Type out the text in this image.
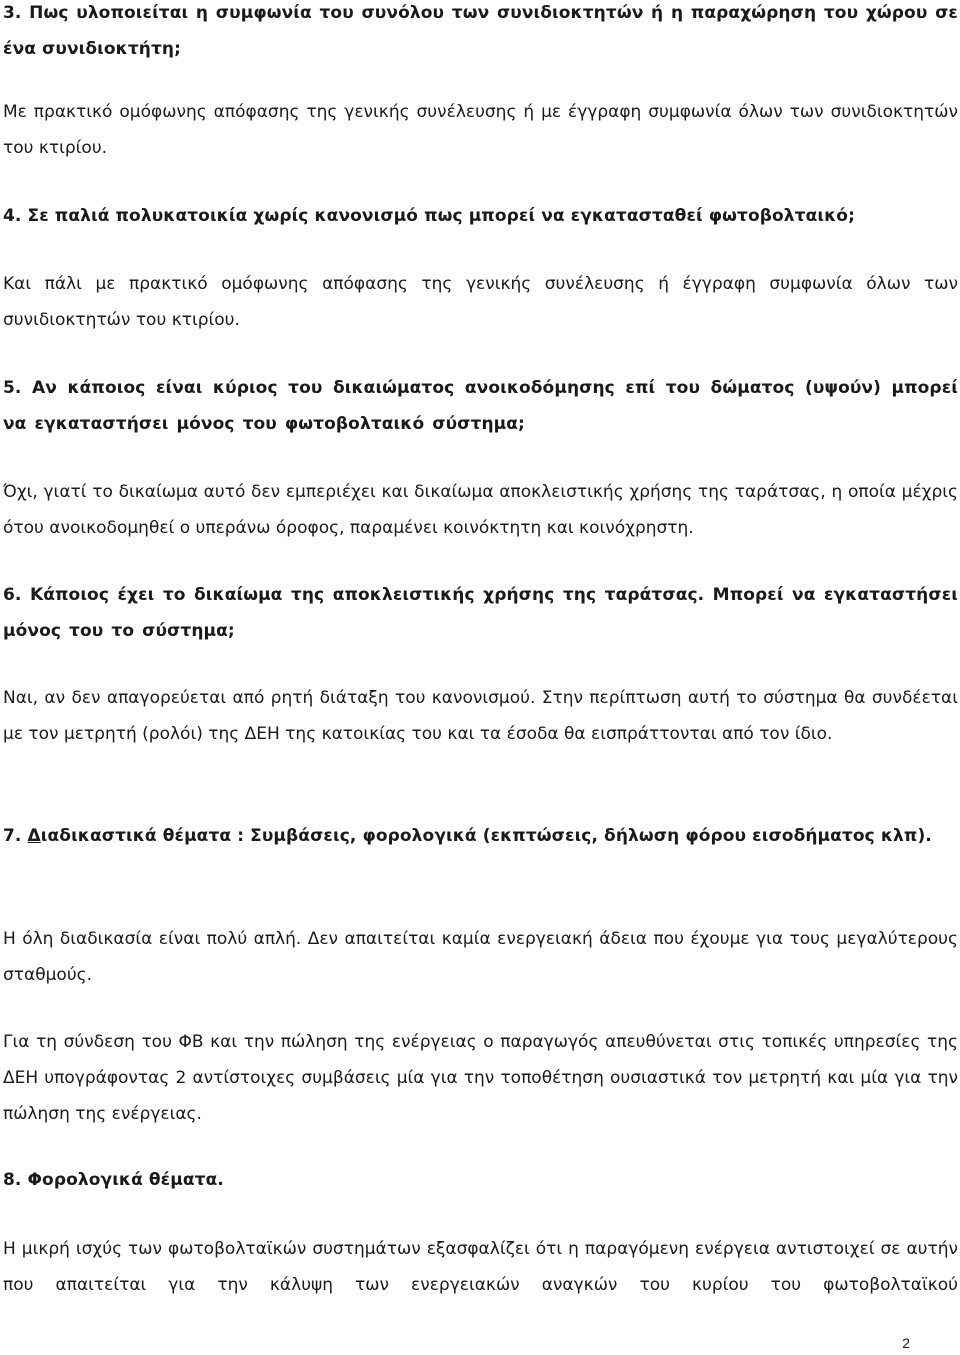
3. Πως υλοποιείται η συμφωνία του συνόλου των συνιδιοκτητών ή η παραχώρηση του χώρου σε ένα συνιδιοκτήτη;

Με πρακτικό ομόφωνης απόφασης της γενικής συνέλευσης ή με έγγραφη συμφωνία όλων των συνιδιοκτητών του κτιρίου.

4. Σε παλιά πολυκατοικία χωρίς κανονισμό πως μπορεί να εγκατασταθεί φωτοβολταικό;

Και πάλι με πρακτικό ομόφωνης απόφασης της γενικής συνέλευσης ή έγγραφη συμφωνία όλων των συνιδιοκτητών του κτιρίου.

5. Αν κάποιος είναι κύριος του δικαιώματος ανοικοδόμησης επί του δώματος (υψούν) μπορεί να εγκαταστήσει μόνος του φωτοβολταικό σύστημα;

Όχι, γιατί το δικαίωμα αυτό δεν εμπεριέχει και δικαίωμα αποκλειστικής χρήσης της ταράτσας, η οποία μέχρις ότου ανοικοδομηθεί ο υπεράνω όροφος, παραμένει κοινόκτητη και κοινόχρηστη.

6. Κάποιος έχει το δικαίωμα της αποκλειστικής χρήσης της ταράτσας. Μπορεί να εγκαταστήσει μόνος του το σύστημα;

Ναι, αν δεν απαγορεύεται από ρητή διάταξη του κανονισμού. Στην περίπτωση αυτή το σύστημα θα συνδέεται με τον μετρητή (ρολόι) της ΔΕΗ της κατοικίας του και τα έσοδα θα εισπράττονται από τον ίδιο.

7. Διαδικαστικά θέματα : Συμβάσεις, φορολογικά (εκπτώσεις, δήλωση φόρου εισοδήματος κλπ).

Η όλη διαδικασία είναι πολύ απλή. Δεν απαιτείται καμία ενεργειακή άδεια που έχουμε για τους μεγαλύτερους σταθμούς.

Για τη σύνδεση του ΦΒ και την πώληση της ενέργειας ο παραγωγός απευθύνεται στις τοπικές υπηρεσίες της ΔΕΗ υπογράφοντας 2 αντίστοιχες συμβάσεις μία για την τοποθέτηση ουσιαστικά τον μετρητή και μία για την πώληση της ενέργειας.

8. Φορολογικά θέματα.

Η μικρή ισχύς των φωτοβολταϊκών συστημάτων εξασφαλίζει ότι η παραγόμενη ενέργεια αντιστοιχεί σε αυτήν που απαιτείται για την κάλυψη των ενεργειακών αναγκών του κυρίου του φωτοβολταϊκού

2
